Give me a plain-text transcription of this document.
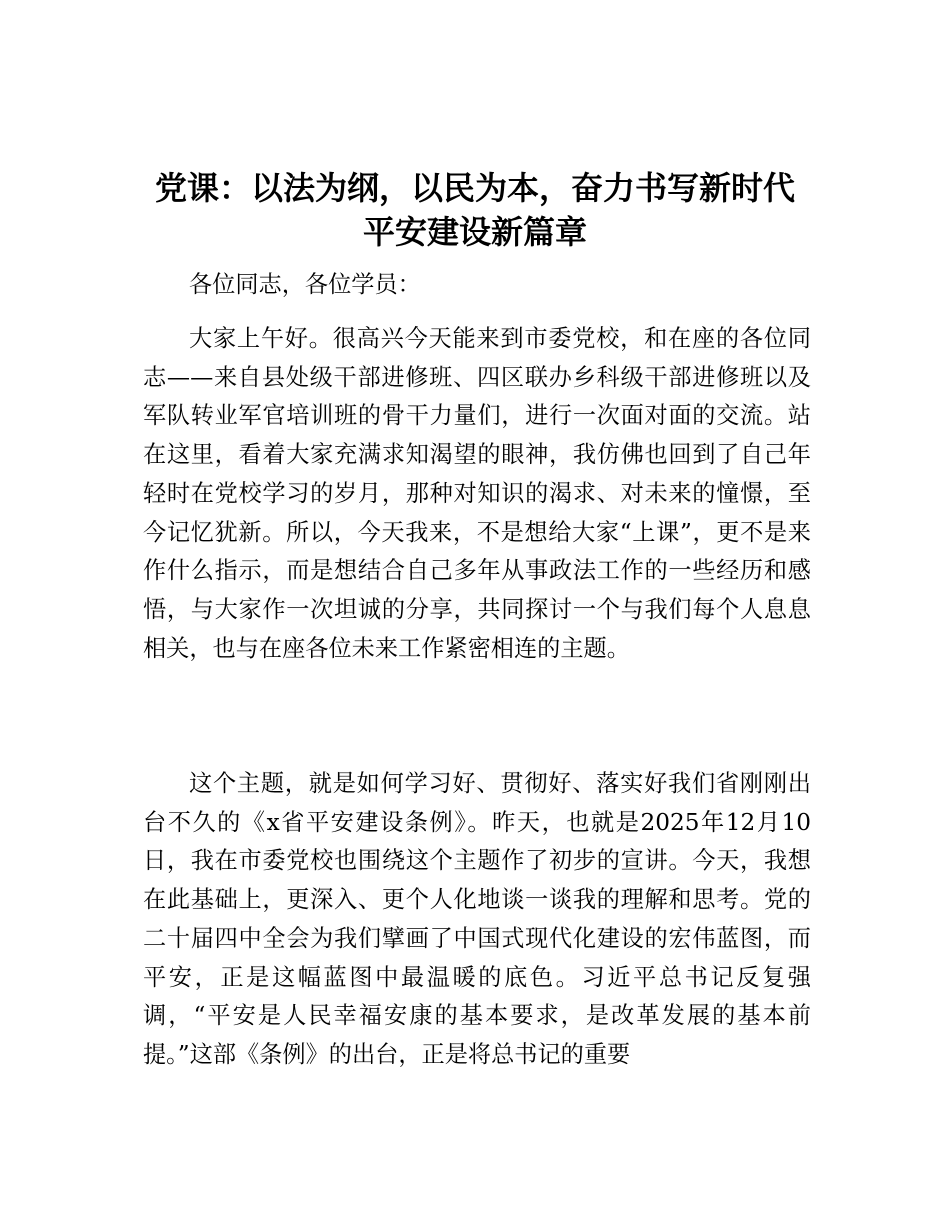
党课：以法为纲，以民为本，奋力书写新时代
平安建设新篇章

各位同志，各位学员：

大家上午好。很高兴今天能来到市委党校，和在座的各位同志——来自县处级干部进修班、四区联办乡科级干部进修班以及军队转业军官培训班的骨干力量们，进行一次面对面的交流。站在这里，看着大家充满求知渴望的眼神，我仿佛也回到了自己年轻时在党校学习的岁月，那种对知识的渴求、对未来的憧憬，至今记忆犹新。所以，今天我来，不是想给大家“上课”，更不是来作什么指示，而是想结合自己多年从事政法工作的一些经历和感悟，与大家作一次坦诚的分享，共同探讨一个与我们每个人息息相关，也与在座各位未来工作紧密相连的主题。

这个主题，就是如何学习好、贯彻好、落实好我们省刚刚出台不久的《x省平安建设条例》。昨天，也就是2025年12月10日，我在市委党校也围绕这个主题作了初步的宣讲。今天，我想在此基础上，更深入、更个人化地谈一谈我的理解和思考。党的二十届四中全会为我们擘画了中国式现代化建设的宏伟蓝图，而平安，正是这幅蓝图中最温暖的底色。习近平总书记反复强调，“平安是人民幸福安康的基本要求，是改革发展的基本前提。”这部《条例》的出台，正是将总书记的重要
